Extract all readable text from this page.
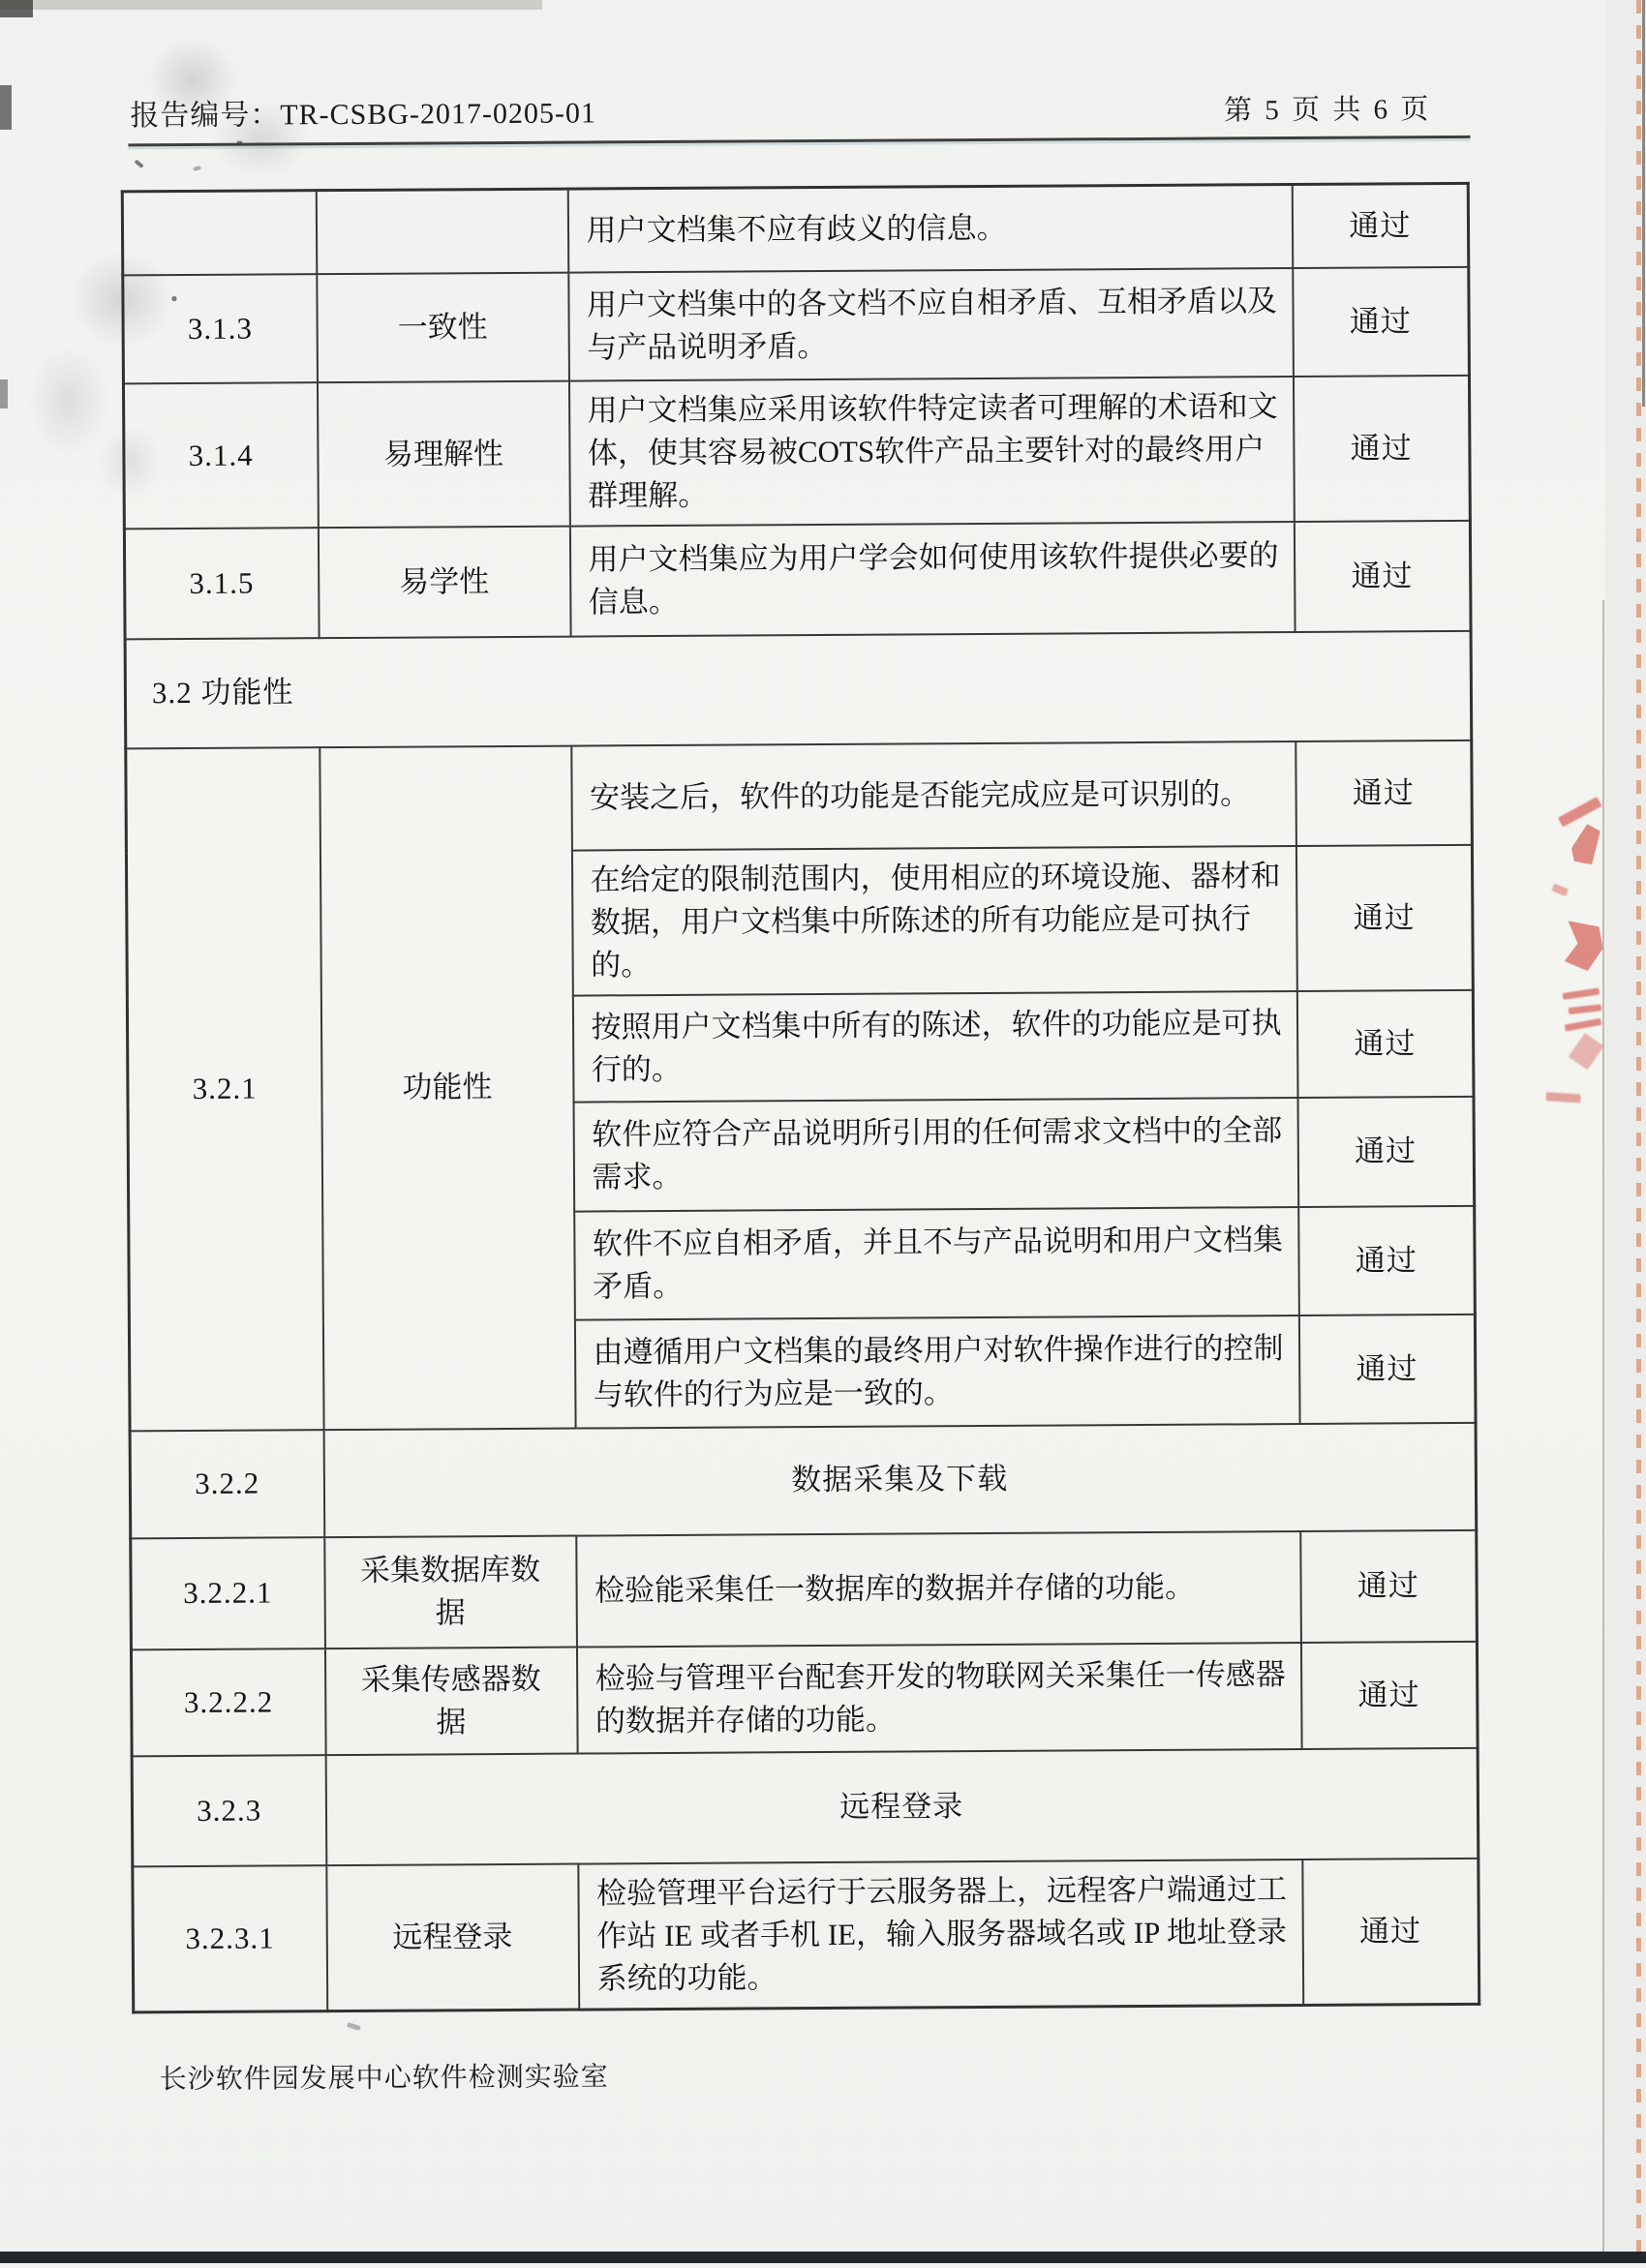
报告编号：TR-CSBG-2017-0205-01	第 5 页 共 6 页
		用户文档集不应有歧义的信息。	通过
3.1.3	一致性	用户文档集中的各文档不应自相矛盾、互相矛盾以及与产品说明矛盾。	通过
3.1.4	易理解性	用户文档集应采用该软件特定读者可理解的术语和文体，使其容易被COTS软件产品主要针对的最终用户群理解。	通过
3.1.5	易学性	用户文档集应为用户学会如何使用该软件提供必要的信息。	通过
3.2 功能性			
3.2.1	功能性	安装之后，软件的功能是否能完成应是可识别的。	通过
		在给定的限制范围内，使用相应的环境设施、器材和数据，用户文档集中所陈述的所有功能应是可执行的。	通过
		按照用户文档集中所有的陈述，软件的功能应是可执行的。	通过
		软件应符合产品说明所引用的任何需求文档中的全部需求。	通过
		软件不应自相矛盾，并且不与产品说明和用户文档集矛盾。	通过
		由遵循用户文档集的最终用户对软件操作进行的控制与软件的行为应是一致的。	通过
3.2.2	数据采集及下载		
3.2.2.1	采集数据库数据	检验能采集任一数据库的数据并存储的功能。	通过
3.2.2.2	采集传感器数据	检验与管理平台配套开发的物联网关采集任一传感器的数据并存储的功能。	通过
3.2.3	远程登录		
3.2.3.1	远程登录	检验管理平台运行于云服务器上，远程客户端通过工作站 IE 或者手机 IE，输入服务器域名或 IP 地址登录系统的功能。	通过
长沙软件园发展中心软件检测实验室
